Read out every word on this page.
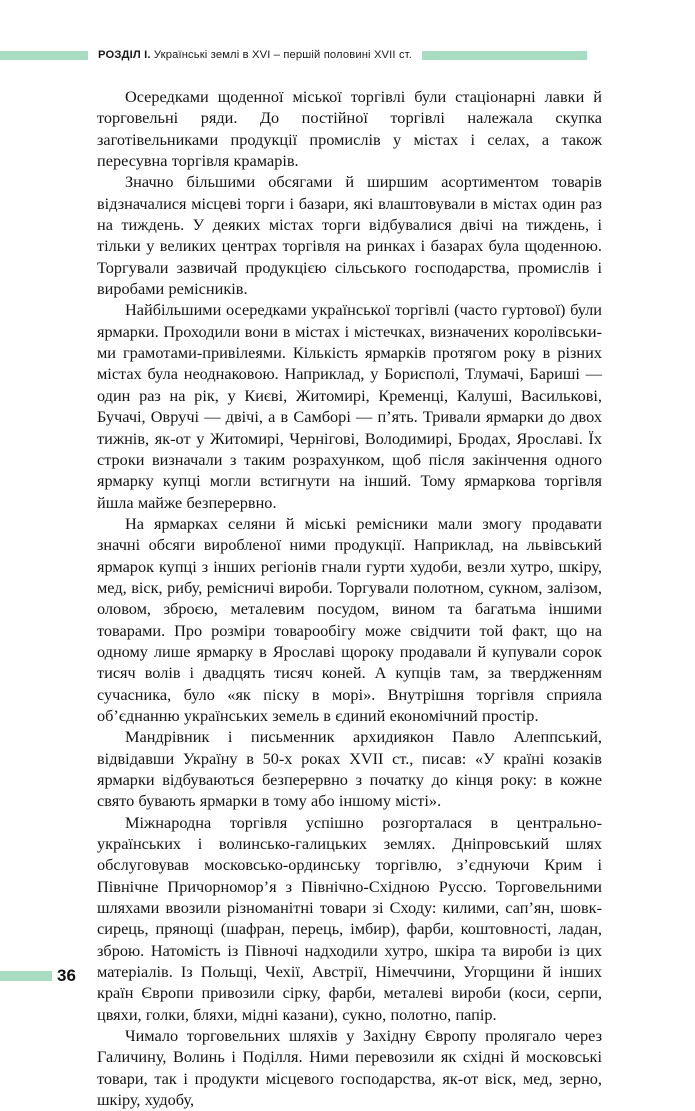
РОЗДІЛ I. Українські землі в XVI – першій половині XVII ст.

Осередками щоденної міської торгівлі були стаціонарні лавки й торговельні ряди. До постійної торгівлі належала скупка заготівельниками продукції промислів у містах і селах, а також пересувна торгівля крамарів.

Значно більшими обсягами й ширшим асортиментом товарів відзначалися місцеві торги і базари, які влаштовували в містах один раз на тиждень. У деяких містах торги відбувалися двічі на тиждень, і тільки у великих центрах торгівля на ринках і базарах була щоденною. Торгували зазвичай продукцією сільського господарства, промислів і виробами ремісників.

Найбільшими осередками української торгівлі (часто гуртової) були ярмарки. Проходили вони в містах і містечках, визначених королівськими грамотами-привілеями. Кількість ярмарків протягом року в різних містах була неоднаковою. Наприклад, у Борисполі, Тлумачі, Бариші — один раз на рік, у Києві, Житомирі, Кременці, Калуші, Василькові, Бучачі, Овручі — двічі, а в Самборі — п’ять. Тривали ярмарки до двох тижнів, як-от у Житомирі, Чернігові, Володимирі, Бродах, Ярославі. Їх строки визначали з таким розрахунком, щоб після закінчення одного ярмарку купці могли встигнути на інший. Тому ярмаркова торгівля йшла майже безперервно.

На ярмарках селяни й міські ремісники мали змогу продавати значні обсяги виробленої ними продукції. Наприклад, на львівський ярмарок купці з інших регіонів гнали гурти худоби, везли хутро, шкіру, мед, віск, рибу, ремісничі вироби. Торгували полотном, сукном, залізом, оловом, зброєю, металевим посудом, вином та багатьма іншими товарами. Про розміри товарообігу може свідчити той факт, що на одному лише ярмарку в Ярославі щороку продавали й купували сорок тисяч волів і двадцять тисяч коней. А купців там, за твердженням сучасника, було «як піску в морі». Внутрішня торгівля сприяла об’єднанню українських земель в єдиний економічний простір.

Мандрівник і письменник архидиякон Павло Алеппський, відвідавши Україну в 50-х роках XVII ст., писав: «У країні козаків ярмарки відбуваються безперервно з початку до кінця року: в кожне свято бувають ярмарки в тому або іншому місті».

Міжнародна торгівля успішно розгорталася в центрально-українських і волинсько-галицьких землях. Дніпровський шлях обслуговував московсько-ординську торгівлю, з’єднуючи Крим і Північне Причорномор’я з Північно-Східною Руссю. Торговельними шляхами ввозили різноманітні товари зі Сходу: килими, сап’ян, шовк-сирець, прянощі (шафран, перець, імбир), фарби, коштовності, ладан, зброю. Натомість із Півночі надходили хутро, шкіра та вироби із цих матеріалів. Із Польщі, Чехії, Австрії, Німеччини, Угорщини й інших країн Європи привозили сірку, фарби, металеві вироби (коси, серпи, цвяхи, голки, бляхи, мідні казани), сукно, полотно, папір.

Чимало торговельних шляхів у Західну Європу пролягало через Галичину, Волинь і Поділля. Ними перевозили як східні й московські товари, так і продукти місцевого господарства, як-от віск, мед, зерно, шкіру, худобу,

36
